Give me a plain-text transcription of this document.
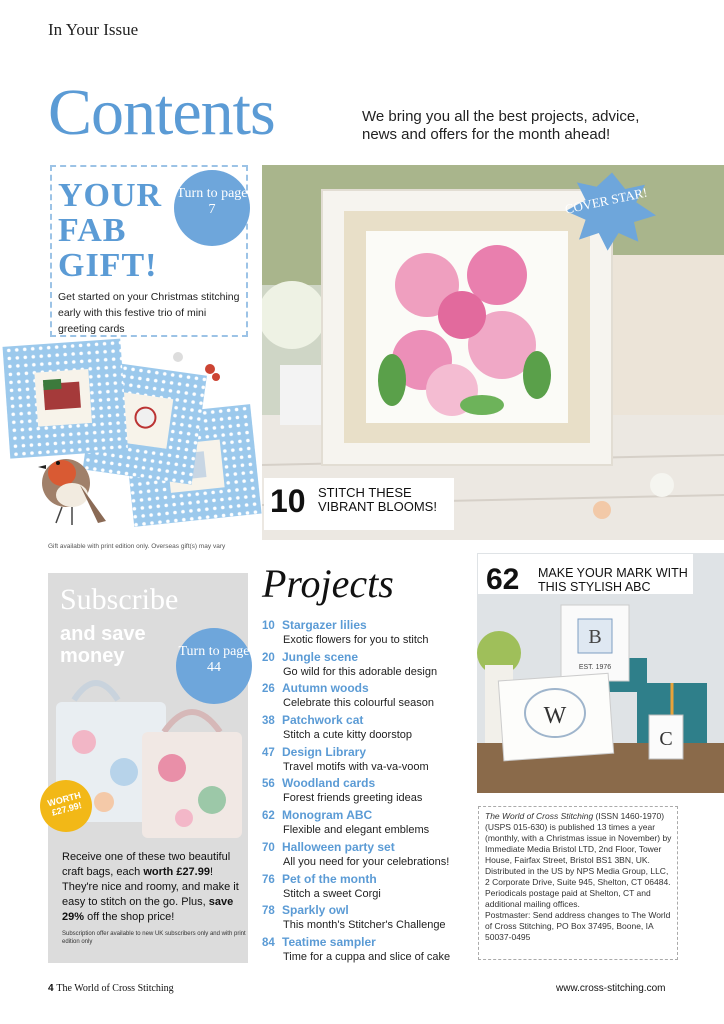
In Your Issue
Contents	We bring you all the best projects, advice, news and offers for the month ahead!
YOUR FAB GIFT!
Turn to page 7
Get started on your Christmas stitching early with this festive trio of mini greeting cards
Gift available with print edition only. Overseas gift(s) may vary
COVER STAR!
10 STITCH THESE VIBRANT BLOOMS!
Subscribe
and save money	Turn to page 44
WORTH £27.99!
Receive one of these two beautiful craft bags, each worth £27.99! They're nice and roomy, and make it easy to stitch on the go. Plus, save 29% off the shop price!
Subscription offer available to new UK subscribers only and with print edition only
Projects
10 Stargazer lilies
Exotic flowers for you to stitch
20 Jungle scene
Go wild for this adorable design
26 Autumn woods
Celebrate this colourful season
38 Patchwork cat
Stitch a cute kitty doorstop
47 Design Library
Travel motifs with va-va-voom
56 Woodland cards
Forest friends greeting ideas
62 Monogram ABC
Flexible and elegant emblems
70 Halloween party set
All you need for your celebrations!
76 Pet of the month
Stitch a sweet Corgi
78 Sparkly owl
This month's Stitcher's Challenge
84 Teatime sampler
Time for a cuppa and slice of cake
B
EST. 1976
W
C
62 MAKE YOUR MARK WITH THIS STYLISH ABC
The World of Cross Stitching (ISSN 1460-1970) (USPS 015-630) is published 13 times a year (monthly, with a Christmas issue in November) by Immediate Media Bristol LTD, 2nd Floor, Tower House, Fairfax Street, Bristol BS1 3BN, UK. Distributed in the US by NPS Media Group, LLC, 2 Corporate Drive, Suite 945, Shelton, CT 06484. Periodicals postage paid at Shelton, CT and additional mailing offices.
Postmaster: Send address changes to The World of Cross Stitching, PO Box 37495, Boone, IA 50037-0495
4 The World of Cross Stitching	www.cross-stitching.com
